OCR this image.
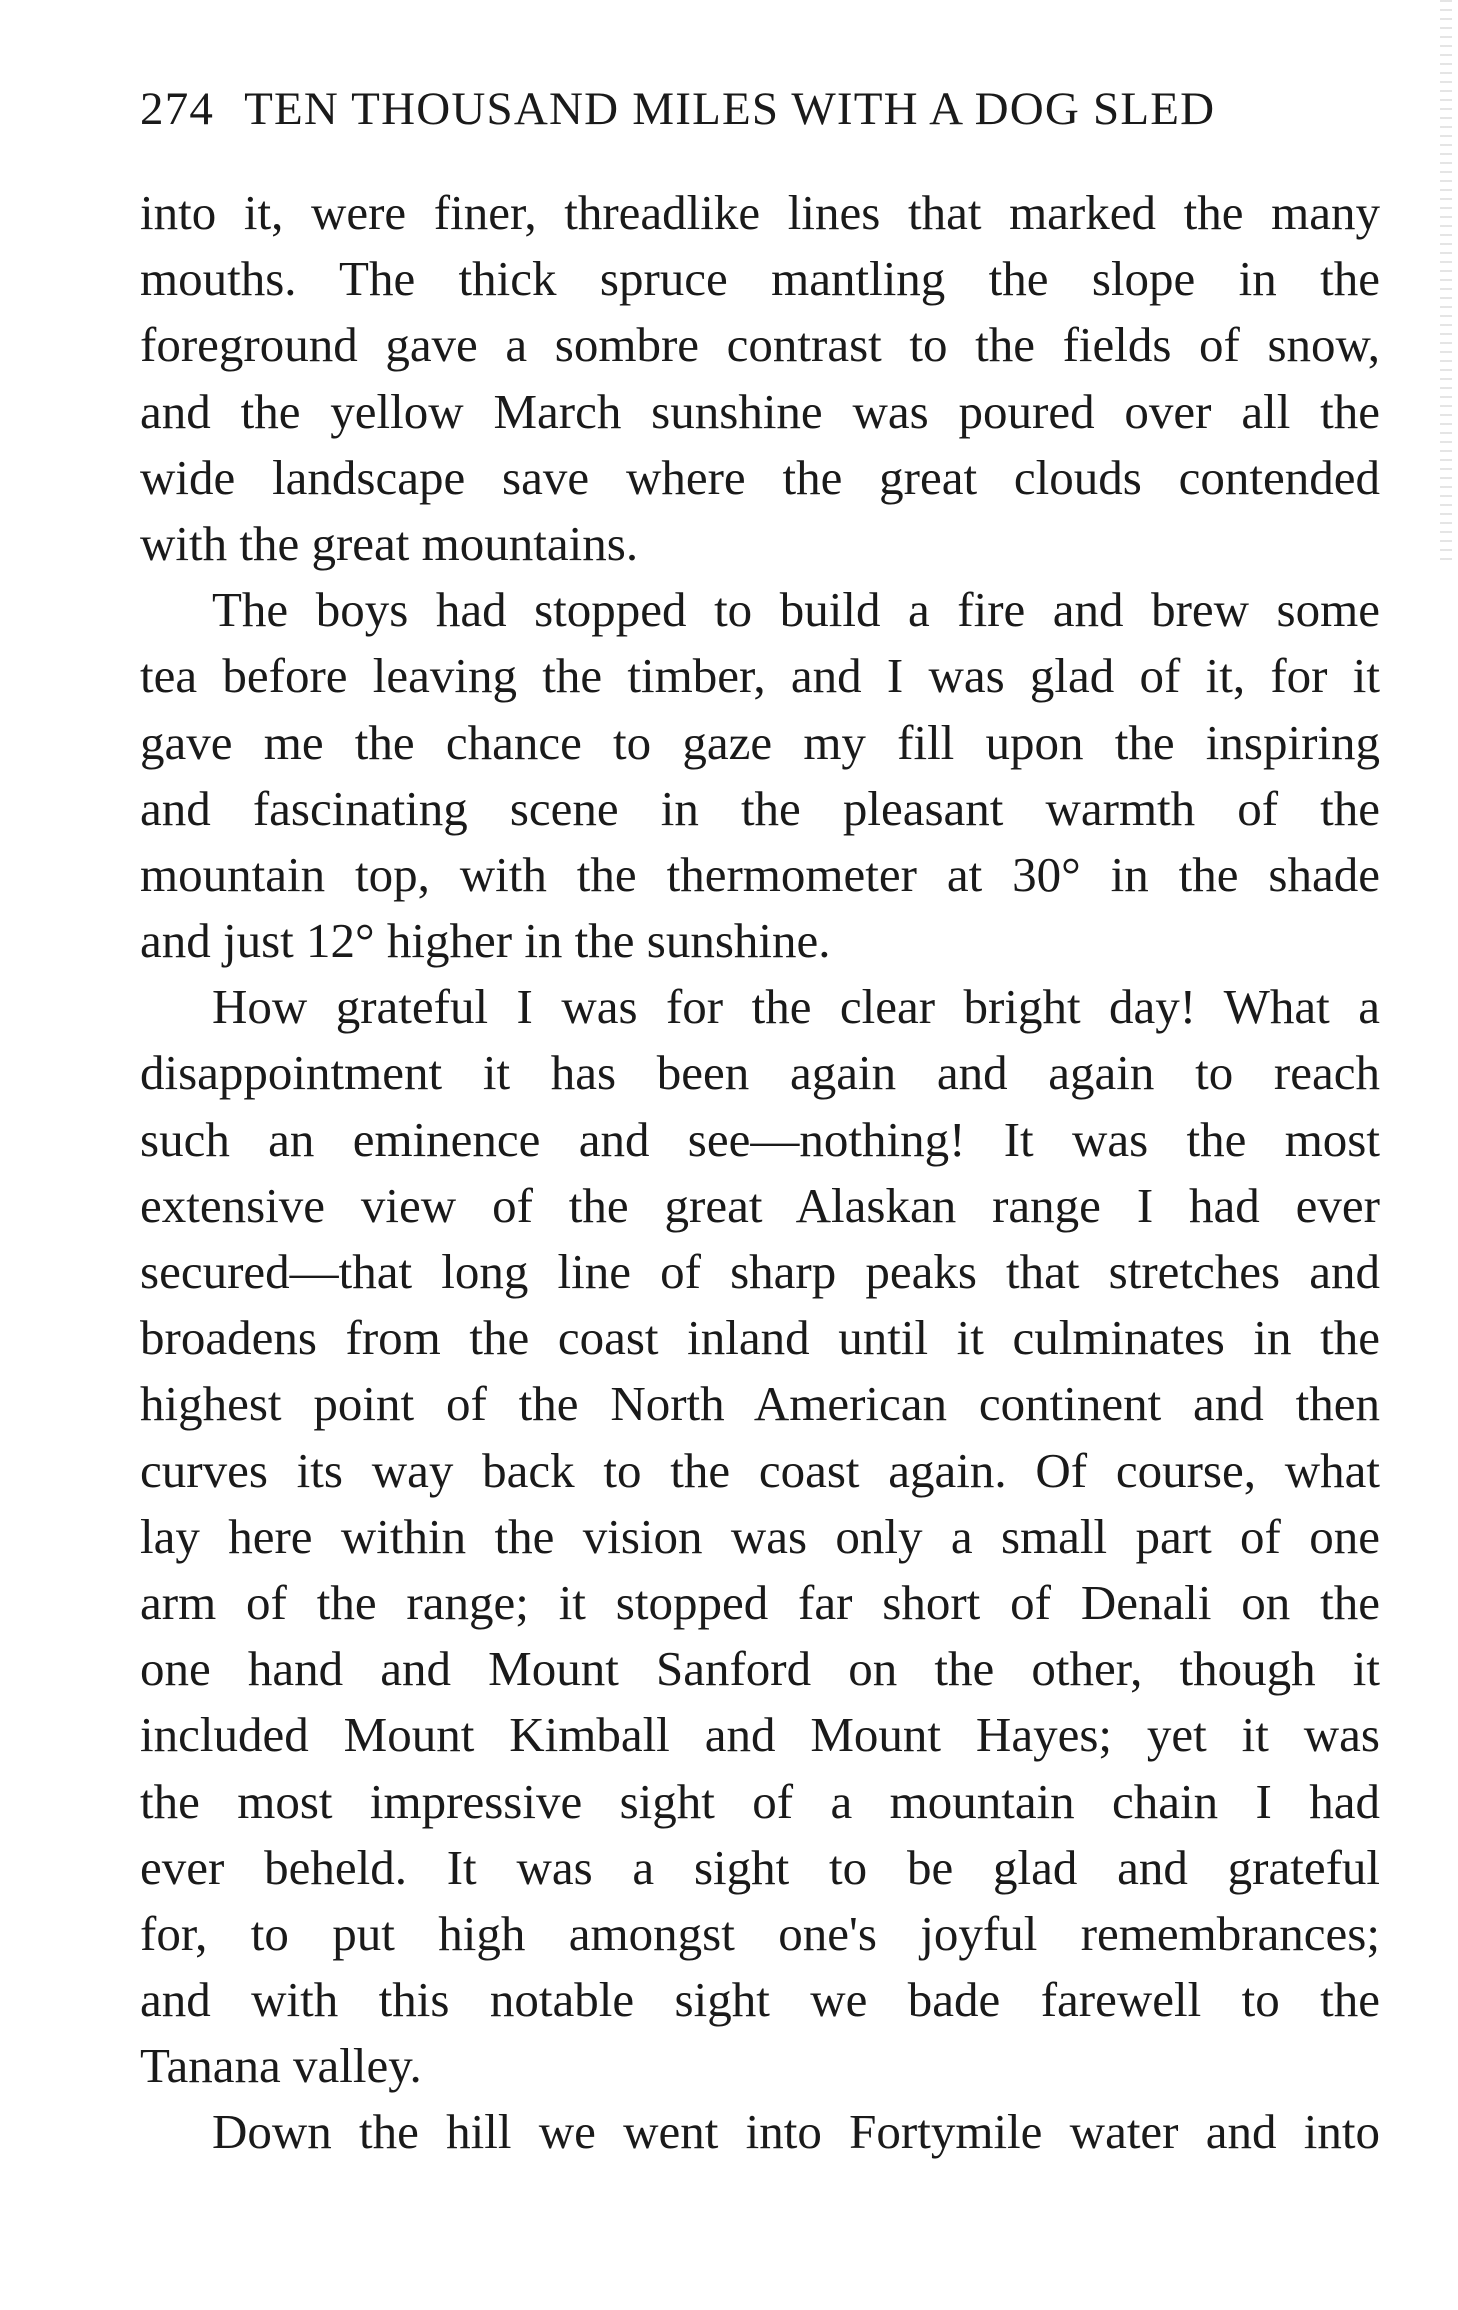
274 TEN THOUSAND MILES WITH A DOG SLED
into it, were finer, threadlike lines that marked the many
mouths. The thick spruce mantling the slope in the
foreground gave a sombre contrast to the fields of snow,
and the yellow March sunshine was poured over all the
wide landscape save where the great clouds contended
with the great mountains.
The boys had stopped to build a fire and brew some
tea before leaving the timber, and I was glad of it, for it
gave me the chance to gaze my fill upon the inspiring
and fascinating scene in the pleasant warmth of the
mountain top, with the thermometer at 30° in the shade
and just 12° higher in the sunshine.
How grateful I was for the clear bright day! What a
disappointment it has been again and again to reach
such an eminence and see—nothing! It was the most
extensive view of the great Alaskan range I had ever
secured—that long line of sharp peaks that stretches and
broadens from the coast inland until it culminates in the
highest point of the North American continent and then
curves its way back to the coast again. Of course, what
lay here within the vision was only a small part of one
arm of the range; it stopped far short of Denali on the
one hand and Mount Sanford on the other, though it
included Mount Kimball and Mount Hayes; yet it was
the most impressive sight of a mountain chain I had
ever beheld. It was a sight to be glad and grateful
for, to put high amongst one's joyful remembrances;
and with this notable sight we bade farewell to the
Tanana valley.
Down the hill we went into Fortymile water and into
